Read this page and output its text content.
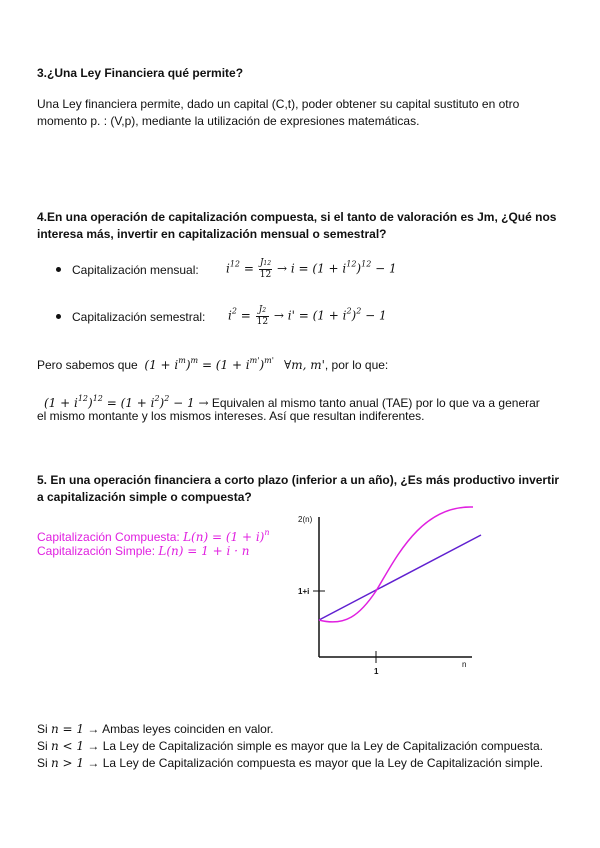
3.¿Una Ley Financiera qué permite?
Una Ley financiera permite, dado un capital (C,t), poder obtener su capital sustituto en otro
momento p. : (V,p), mediante la utilización de expresiones matemáticas.
4.En una operación de capitalización compuesta, si el tanto de valoración es Jm, ¿Qué nos
interesa más, invertir en capitalización mensual o semestral?
Capitalización mensual: $i^{12} = \frac{J12}{12} \to i = (1 + i^{12})^{12} - 1$
Capitalización semestral: $i^2 = \frac{J2}{12} \to i' = (1 + i^2)^2 - 1$
Pero sabemos que $(1 + i^m)^m = (1 + i^{m'})^{m'}$ ∀m, m', por lo que:
$(1 + i^{12})^{12} = (1 + i^2)^2 - 1$ → Equivalen al mismo tanto anual (TAE) por lo que va a generar
el mismo montante y los mismos intereses. Así que resultan indiferentes.
5. En una operación financiera a corto plazo (inferior a un año), ¿Es más productivo invertir
a capitalización simple o compuesta?
Capitalización Compuesta: $L(n) = (1 + i)^n$
Capitalización Simple: L(n) = 1 + i · n
2(n)
1+i
1
n
Si n = 1 → Ambas leyes coinciden en valor.
Si n < 1 → La Ley de Capitalización simple es mayor que la Ley de Capitalización compuesta.
Si n > 1 → La Ley de Capitalización compuesta es mayor que la Ley de Capitalización simple.
